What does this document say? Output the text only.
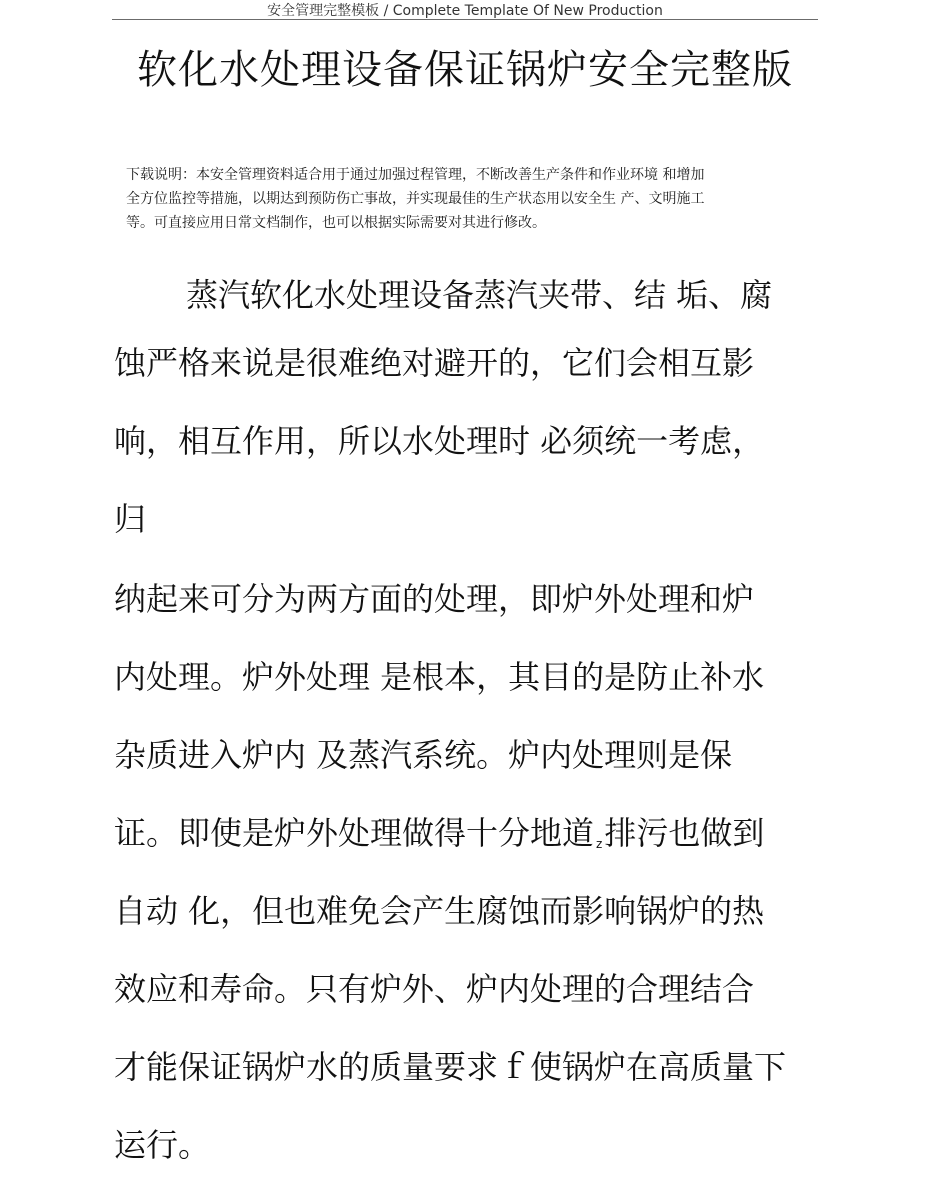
安全管理完整模板 / Complete Template Of New Production
软化水处理设备保证锅炉安全完整版
下载说明：本安全管理资料适合用于通过加强过程管理，不断改善生产条件和作业环境 和增加
全方位监控等措施，以期达到预防伤亡事故，并实现最佳的生产状态用以安全生 产、文明施工
等。可直接应用日常文档制作，也可以根据实际需要对其进行修改。
蒸汽软化水处理设备蒸汽夹带、结 垢、腐
蚀严格来说是很难绝对避开的，它们会相互影
响，相互作用，所以水处理时 必须统一考虑，
归
纳起来可分为两方面的处理，即炉外处理和炉
内处理。炉外处理 是根本，其目的是防止补水
杂质进入炉内 及蒸汽系统。炉内处理则是保
证。即使是炉外处理做得十分地道 z排污也做到
自动 化，但也难免会产生腐蚀而影响锅炉的热
效应和寿命。只有炉外、炉内处理的合理结合
才能保证锅炉水的质量要求ｆ使锅炉在高质量下
运行。
